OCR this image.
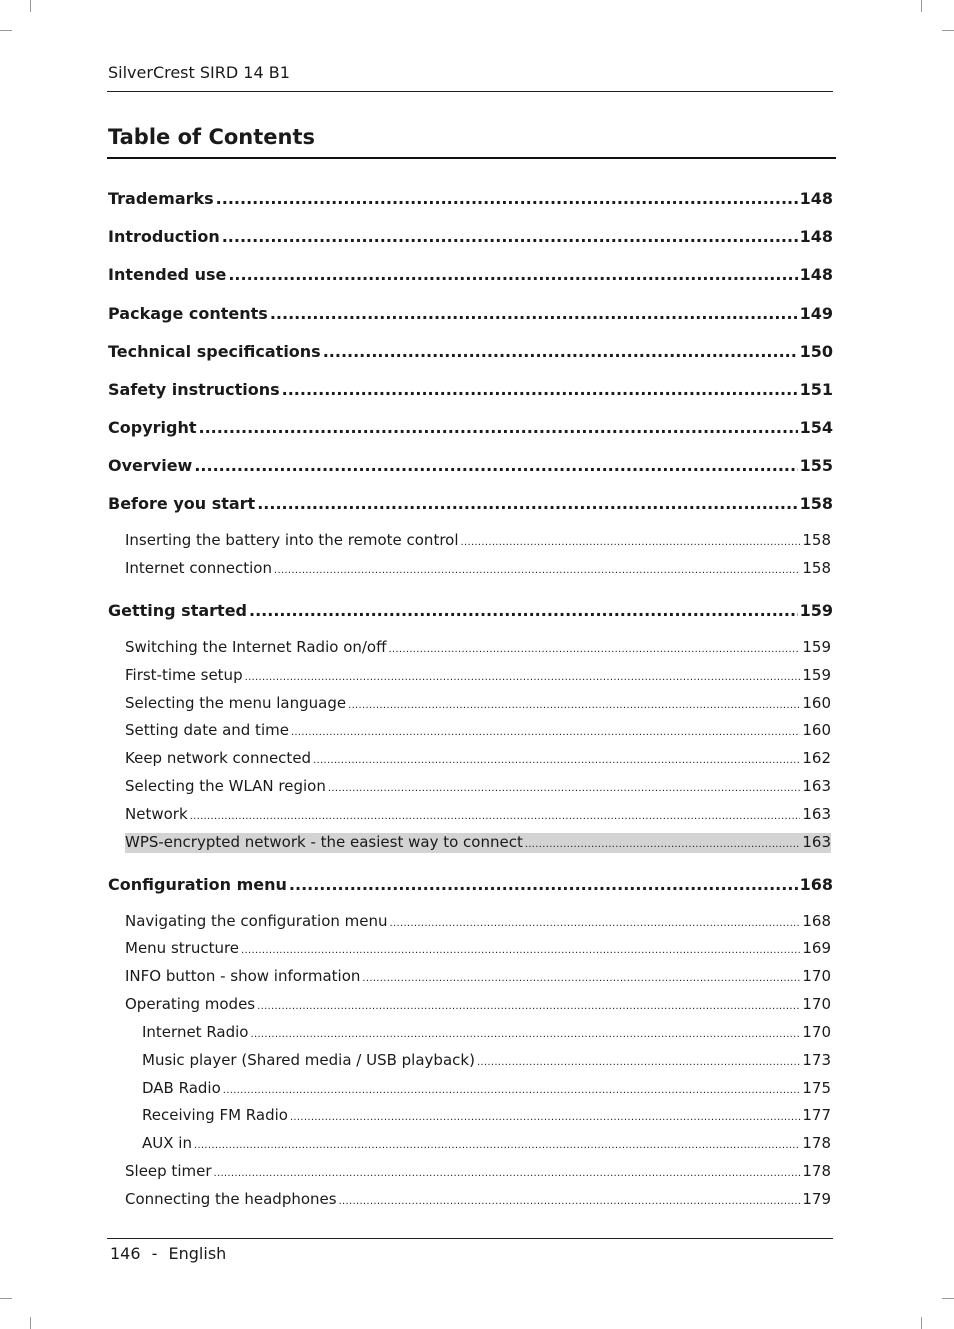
SilverCrest SIRD 14 B1
Table of Contents
Trademarks .....	148
Introduction .....	148
Intended use .....	148
Package contents .....	149
Technical specifications .....	150
Safety instructions .....	151
Copyright .....	154
Overview .....	155
Before you start .....	158
Inserting the battery into the remote control .....	158
Internet connection .....	158
Getting started .....	159
Switching the Internet Radio on/off .....	159
First-time setup .....	159
Selecting the menu language .....	160
Setting date and time .....	160
Keep network connected .....	162
Selecting the WLAN region .....	163
Network .....	163
WPS-encrypted network - the easiest way to connect .....	163
Configuration menu .....	168
Navigating the configuration menu .....	168
Menu structure .....	169
INFO button - show information .....	170
Operating modes .....	170
Internet Radio .....	170
Music player (Shared media / USB playback) .....	173
DAB Radio .....	175
Receiving FM Radio .....	177
AUX in .....	178
Sleep timer .....	178
Connecting the headphones .....	179
146 - English
